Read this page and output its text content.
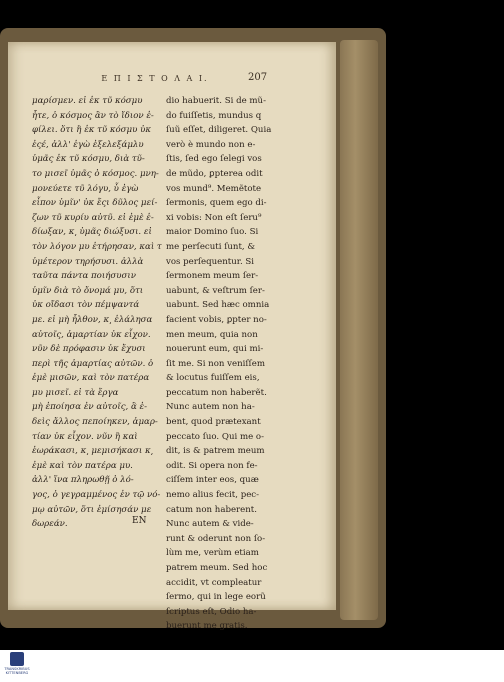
Ε Π Ι Σ Τ Ο Λ Α Ι.	207
μαρίσμεν. εἰ ἐκ τῦ κόσμυ
ἦτε, ὁ κόσμος ἂν τὸ ἴδιον ἐ-
φίλει. ὅτι ἢ ἐκ τῦ κόσμυ ὐκ
ἐςέ, ἀλλ' ἐγὼ ἐξελεξάμλυ
ὑμᾶς ἐκ τῦ κόσμυ, διὰ τῦ-
το μισεῖ ὑμᾶς ὁ κόσμος. μνη-
μονεύετε τῦ λόγυ, ὗ ἐγὼ
εἶπον ὑμῖν' ὐκ ἔςι δῦλος μεί-
ζων τῦ κυρίυ αὐτῦ. εἰ ἐμὲ ἐ-
δίωξαν, κ͵ ὑμᾶς διώξυσι. εἰ
τὸν λόγον μυ ἐτήρησαν, καὶ τ
ὑμέτερον τηρήσυσι. ἀλλὰ
ταῦτα πάντα ποιήσυσιν
ὑμῖν διὰ τὸ ὄνομά μυ, ὅτι
ὐκ οἴδασι τὸν πέμψαντά
με. εἰ μὴ ἦλθον, κ͵ ἐλάλησα
αὐτοῖς, ἁμαρτίαν ὐκ εἶχον.
νῦν δὲ πρόφασιν ὐκ ἔχυσι
περὶ τῆς ἁμαρτίας αὐτῶν. ὁ
ἐμὲ μισῶν, καὶ τὸν πατέρα
μυ μισεῖ. εἰ τὰ ἔργα
μὴ ἐποίησα ἐν αὐτοῖς, ἃ ἐ-
δεὶς ἄλλος πεποίηκεν, ἁμαρ-
τίαν ὐκ εἶχον. νῦν ἢ καὶ
ἑωράκασι, κ͵ μεμισήκασι κ͵
ἐμὲ καὶ τὸν πατέρα μυ.
ἀλλ' ἵνα πληρωθῇ ὁ λό-
γος, ὁ γεγραμμένος ἐν τῷ νό-
μῳ αὐτῶν, ὅτι ἐμίσησάν με
δωρεάν.
dio habuerit. Si de mũ-
do fuiſſetis, mundus q
ſuũ eſſet, diligeret. Quia
verò è mundo non e-
ſtis, ſed ego ſelegi vos
de mũdo, ꝑpterea odit
vos mund⁹. Memẽtote
ſermonis, quem ego di-
xi vobis: Non eſt ſeru⁹
maior Domino ſuo. Si
me perſecuti ſunt, &
vos perſequentur. Si
ſermonem meum ſer-
uabunt, & veſtrum ſer-
uabunt. Sed hæc omnia
facient vobis, ꝑpter no-
men meum, quia non
nouerunt eum, qui mi-
ſit me. Si non veniſſem
& locutus fuiſſem eis,
peccatum non haberẽt.
Nunc autem non ha-
bent, quod prætexant
peccato ſuo. Qui me o-
dit, is & patrem meum
odit. Si opera non fe-
ciſſem inter eos, quæ
nemo alius fecit, pec-
catum non haberent.
Nunc autem & vide-
runt & oderunt non ſo-
lùm me, verùm etiam
patrem meum. Sed hoc
accidit, vt compleatur
ſermo, qui in lege eorũ
ſcriptus eſt, Odio ha-
buerunt me gratis.
EN
TRANSKRIBUS KITTENBERG
